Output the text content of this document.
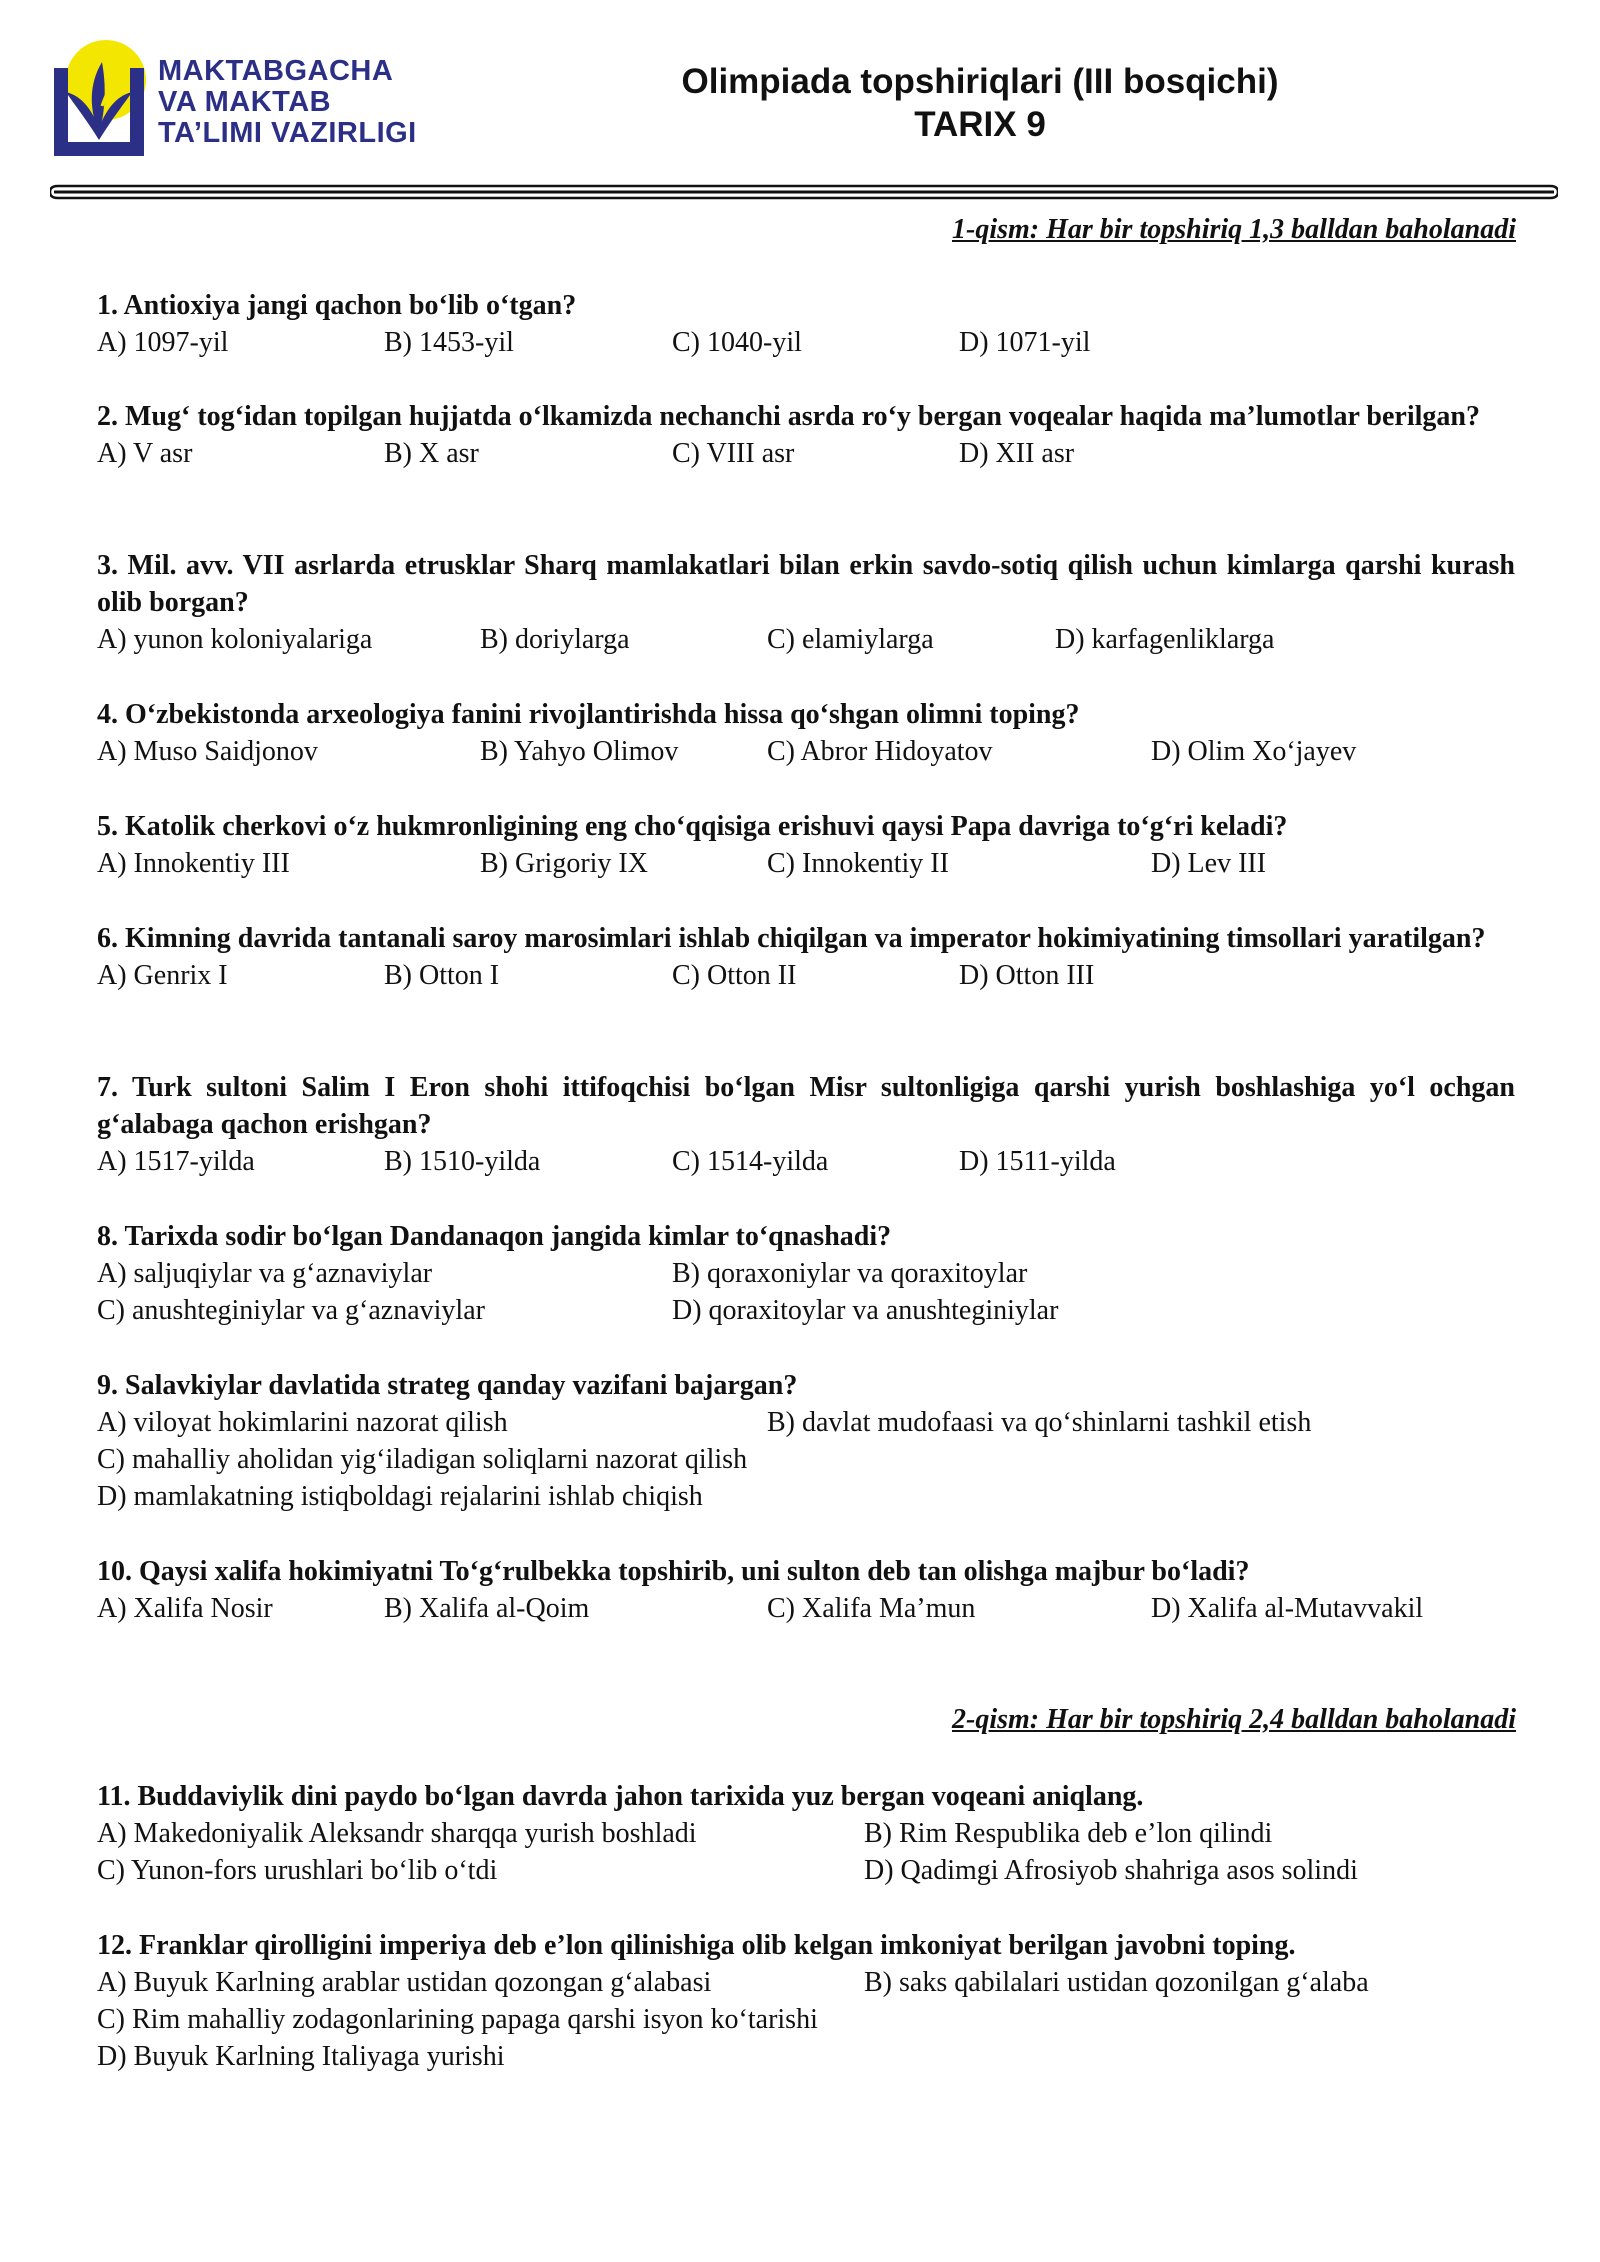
MAKTABGACHA
VA MAKTAB
TA’LIMI VAZIRLIGI
Olimpiada topshiriqlari (III bosqichi)
TARIX 9
1-qism: Har bir topshiriq 1,3 balldan baholanadi
1. Antioxiya jangi qachon bo‘lib o‘tgan?
A) 1097-yil	B) 1453-yil	C) 1040-yil	D) 1071-yil
2. Mug‘ tog‘idan topilgan hujjatda o‘lkamizda nechanchi asrda ro‘y bergan voqealar haqida ma’lumotlar berilgan?
A) V asr	B) X asr	C) VIII asr	D) XII asr
3. Mil. avv. VII asrlarda etrusklar Sharq mamlakatlari bilan erkin savdo-sotiq qilish uchun kimlarga qarshi kurash olib borgan?
A) yunon koloniyalariga	B) doriylarga	C) elamiylarga	D) karfagenliklarga
4. O‘zbekistonda arxeologiya fanini rivojlantirishda hissa qo‘shgan olimni toping?
A) Muso Saidjonov	B) Yahyo Olimov	C) Abror Hidoyatov	D) Olim Xo‘jayev
5. Katolik cherkovi o‘z hukmronligining eng cho‘qqisiga erishuvi qaysi Papa davriga to‘g‘ri keladi?
A) Innokentiy III	B) Grigoriy IX	C) Innokentiy II	D) Lev III
6. Kimning davrida tantanali saroy marosimlari ishlab chiqilgan va imperator hokimiyatining timsollari yaratilgan?
A) Genrix I	B) Otton I	C) Otton II	D) Otton III
7. Turk sultoni Salim I Eron shohi ittifoqchisi bo‘lgan Misr sultonligiga qarshi yurish boshlashiga yo‘l ochgan g‘alabaga qachon erishgan?
A) 1517-yilda	B) 1510-yilda	C) 1514-yilda	D) 1511-yilda
8. Tarixda sodir bo‘lgan Dandanaqon jangida kimlar to‘qnashadi?
A) saljuqiylar va g‘aznaviylar	B) qoraxoniylar va qoraxitoylar
C) anushteginiylar va g‘aznaviylar	D) qoraxitoylar va anushteginiylar
9. Salavkiylar davlatida strateg qanday vazifani bajargan?
A) viloyat hokimlarini nazorat qilish	B) davlat mudofaasi va qo‘shinlarni tashkil etish
C) mahalliy aholidan yig‘iladigan soliqlarni nazorat qilish
D) mamlakatning istiqboldagi rejalarini ishlab chiqish
10. Qaysi xalifa hokimiyatni To‘g‘rulbekka topshirib, uni sulton deb tan olishga majbur bo‘ladi?
A) Xalifa Nosir	B) Xalifa al-Qoim	C) Xalifa Ma’mun	D) Xalifa al-Mutavvakil
2-qism: Har bir topshiriq 2,4 balldan baholanadi
11. Buddaviylik dini paydo bo‘lgan davrda jahon tarixida yuz bergan voqeani aniqlang.
A) Makedoniyalik Aleksandr sharqqa yurish boshladi	B) Rim Respublika deb e’lon qilindi
C) Yunon-fors urushlari bo‘lib o‘tdi	D) Qadimgi Afrosiyob shahriga asos solindi
12. Franklar qirolligini imperiya deb e’lon qilinishiga olib kelgan imkoniyat berilgan javobni toping.
A) Buyuk Karlning arablar ustidan qozongan g‘alabasi	B) saks qabilalari ustidan qozonilgan g‘alaba
C) Rim mahalliy zodagonlarining papaga qarshi isyon ko‘tarishi
D) Buyuk Karlning Italiyaga yurishi
